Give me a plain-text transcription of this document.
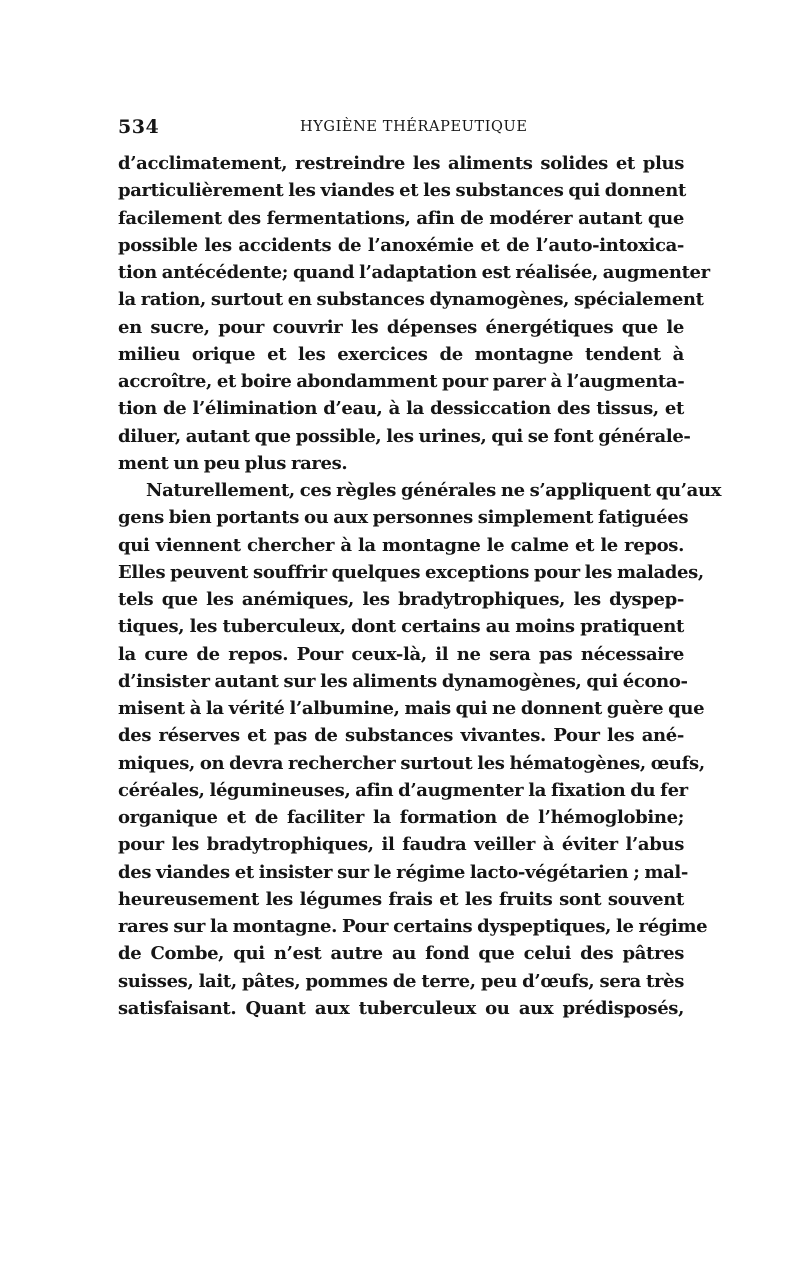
534	HYGIÈNE THÉRAPEUTIQUE
d’acclimatement, restreindre les aliments solides et plus
particulièrement les viandes et les substances qui donnent
facilement des fermentations, afin de modérer autant que
possible les accidents de l’anoxémie et de l’auto-intoxica-
tion antécédente; quand l’adaptation est réalisée, augmenter
la ration, surtout en substances dynamogènes, spécialement
en sucre, pour couvrir les dépenses énergétiques que le
milieu orique et les exercices de montagne tendent à
accroître, et boire abondamment pour parer à l’augmenta-
tion de l’élimination d’eau, à la dessiccation des tissus, et
diluer, autant que possible, les urines, qui se font générale-
ment un peu plus rares.
Naturellement, ces règles générales ne s’appliquent qu’aux
gens bien portants ou aux personnes simplement fatiguées
qui viennent chercher à la montagne le calme et le repos.
Elles peuvent souffrir quelques exceptions pour les malades,
tels que les anémiques, les bradytrophiques, les dyspep-
tiques, les tuberculeux, dont certains au moins pratiquent
la cure de repos. Pour ceux-là, il ne sera pas nécessaire
d’insister autant sur les aliments dynamogènes, qui écono-
misent à la vérité l’albumine, mais qui ne donnent guère que
des réserves et pas de substances vivantes. Pour les ané-
miques, on devra rechercher surtout les hématogènes, œufs,
céréales, légumineuses, afin d’augmenter la fixation du fer
organique et de faciliter la formation de l’hémoglobine;
pour les bradytrophiques, il faudra veiller à éviter l’abus
des viandes et insister sur le régime lacto-végétarien ; mal-
heureusement les légumes frais et les fruits sont souvent
rares sur la montagne. Pour certains dyspeptiques, le régime
de Combe, qui n’est autre au fond que celui des pâtres
suisses, lait, pâtes, pommes de terre, peu d’œufs, sera très
satisfaisant. Quant aux tuberculeux ou aux prédisposés,
